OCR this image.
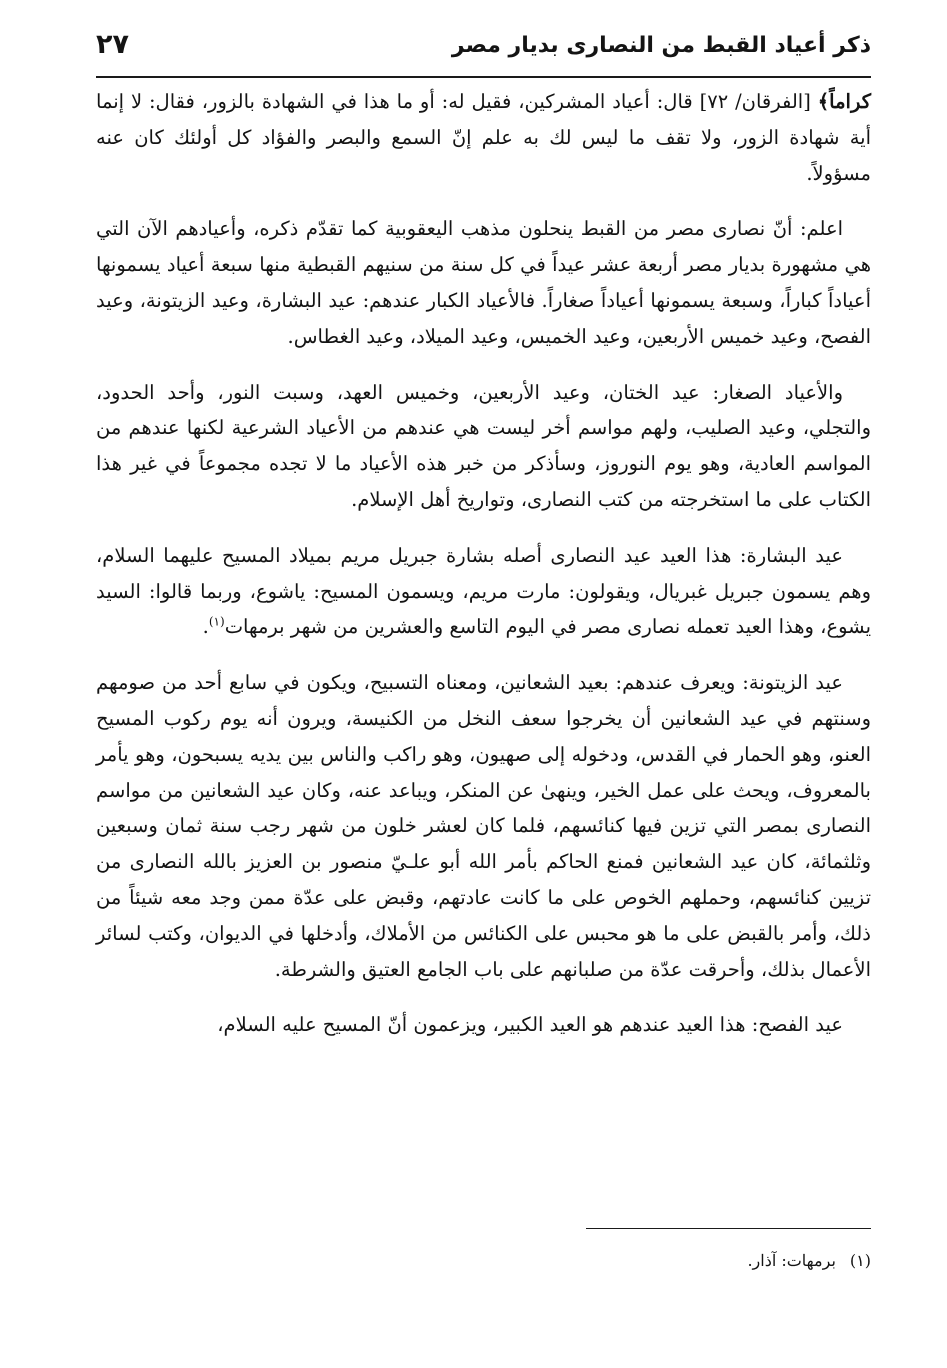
ذكر أعياد القبط من النصارى بديار مصر
٢٧

كراماً﴾ [الفرقان/ ٧٢] قال: أعياد المشركين، فقيل له: أو ما هذا في الشهادة بالزور، فقال: لا إنما أية شهادة الزور، ولا تقف ما ليس لك به علم إنّ السمع والبصر والفؤاد كل أولئك كان عنه مسؤولاً.

اعلم: أنّ نصارى مصر من القبط ينحلون مذهب اليعقوبية كما تقدّم ذكره، وأعيادهم الآن التي هي مشهورة بديار مصر أربعة عشر عيداً في كل سنة من سنيهم القبطية منها سبعة أعياد يسمونها أعياداً كباراً، وسبعة يسمونها أعياداً صغاراً. فالأعياد الكبار عندهم: عيد البشارة، وعيد الزيتونة، وعيد الفصح، وعيد خميس الأربعين، وعيد الخميس، وعيد الميلاد، وعيد الغطاس.

والأعياد الصغار: عيد الختان، وعيد الأربعين، وخميس العهد، وسبت النور، وأحد الحدود، والتجلي، وعيد الصليب، ولهم مواسم أخر ليست هي عندهم من الأعياد الشرعية لكنها عندهم من المواسم العادية، وهو يوم النوروز، وسأذكر من خبر هذه الأعياد ما لا تجده مجموعاً في غير هذا الكتاب على ما استخرجته من كتب النصارى، وتواريخ أهل الإسلام.

عيد البشارة: هذا العيد عيد النصارى أصله بشارة جبريل مريم بميلاد المسيح عليهما السلام، وهم يسمون جبريل غبريال، ويقولون: مارت مريم، ويسمون المسيح: ياشوع، وربما قالوا: السيد يشوع، وهذا العيد تعمله نصارى مصر في اليوم التاسع والعشرين من شهر برمهات$^{(١)}$.

عيد الزيتونة: ويعرف عندهم: بعيد الشعانين، ومعناه التسبيح، ويكون في سابع أحد من صومهم وسنتهم في عيد الشعانين أن يخرجوا سعف النخل من الكنيسة، ويرون أنه يوم ركوب المسيح العنو، وهو الحمار في القدس، ودخوله إلى صهيون، وهو راكب والناس بين يديه يسبحون، وهو يأمر بالمعروف، ويحث على عمل الخير، وينهىٰ عن المنكر، ويباعد عنه، وكان عيد الشعانين من مواسم النصارى بمصر التي تزين فيها كنائسهم، فلما كان لعشر خلون من شهر رجب سنة ثمان وسبعين وثلثمائة، كان عيد الشعانين فمنع الحاكم بأمر الله أبو علـيّ منصور بن العزيز بالله النصارى من تزيين كنائسهم، وحملهم الخوص على ما كانت عادتهم، وقبض على عدّة ممن وجد معه شيئاً من ذلك، وأمر بالقبض على ما هو محبس على الكنائس من الأملاك، وأدخلها في الديوان، وكتب لسائر الأعمال بذلك، وأحرقت عدّة من صلبانهم على باب الجامع العتيق والشرطة.

عيد الفصح: هذا العيد عندهم هو العيد الكبير، ويزعمون أنّ المسيح عليه السلام،

(١)برمهات: آذار.
